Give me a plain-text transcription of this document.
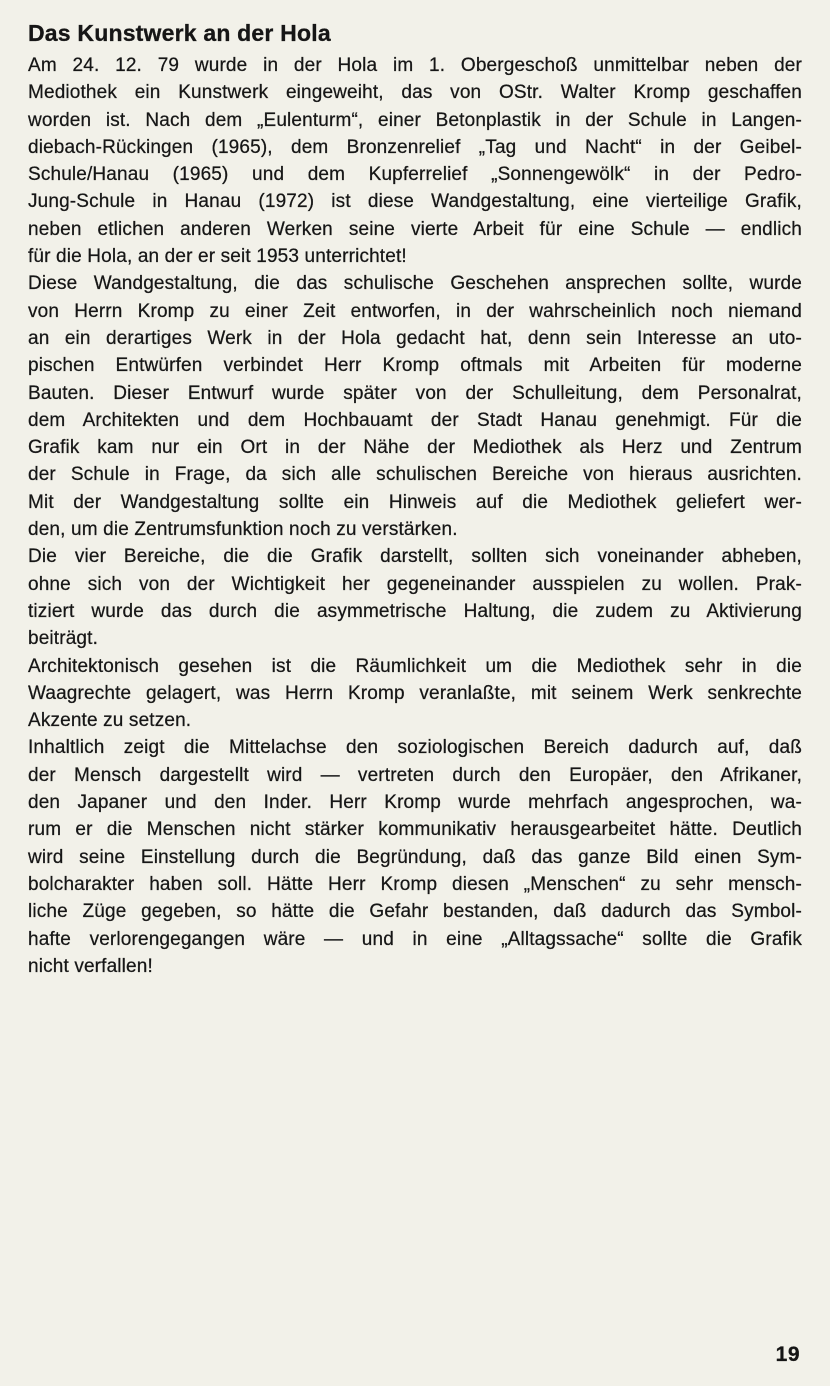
Das Kunstwerk an der Hola
Am 24. 12. 79 wurde in der Hola im 1. Obergeschoß unmittelbar neben der
Mediothek ein Kunstwerk eingeweiht, das von OStr. Walter Kromp geschaffen
worden ist. Nach dem „Eulenturm“, einer Betonplastik in der Schule in Langen-
diebach-Rückingen (1965), dem Bronzenrelief „Tag und Nacht“ in der Geibel-
Schule/Hanau (1965) und dem Kupferrelief „Sonnengewölk“ in der Pedro-
Jung-Schule in Hanau (1972) ist diese Wandgestaltung, eine vierteilige Grafik,
neben etlichen anderen Werken seine vierte Arbeit für eine Schule — endlich
für die Hola, an der er seit 1953 unterrichtet!
Diese Wandgestaltung, die das schulische Geschehen ansprechen sollte, wurde
von Herrn Kromp zu einer Zeit entworfen, in der wahrscheinlich noch niemand
an ein derartiges Werk in der Hola gedacht hat, denn sein Interesse an uto-
pischen Entwürfen verbindet Herr Kromp oftmals mit Arbeiten für moderne
Bauten. Dieser Entwurf wurde später von der Schulleitung, dem Personalrat,
dem Architekten und dem Hochbauamt der Stadt Hanau genehmigt. Für die
Grafik kam nur ein Ort in der Nähe der Mediothek als Herz und Zentrum
der Schule in Frage, da sich alle schulischen Bereiche von hieraus ausrichten.
Mit der Wandgestaltung sollte ein Hinweis auf die Mediothek geliefert wer-
den, um die Zentrumsfunktion noch zu verstärken.
Die vier Bereiche, die die Grafik darstellt, sollten sich voneinander abheben,
ohne sich von der Wichtigkeit her gegeneinander ausspielen zu wollen. Prak-
tiziert wurde das durch die asymmetrische Haltung, die zudem zu Aktivierung
beiträgt.
Architektonisch gesehen ist die Räumlichkeit um die Mediothek sehr in die
Waagrechte gelagert, was Herrn Kromp veranlaßte, mit seinem Werk senkrechte
Akzente zu setzen.
Inhaltlich zeigt die Mittelachse den soziologischen Bereich dadurch auf, daß
der Mensch dargestellt wird — vertreten durch den Europäer, den Afrikaner,
den Japaner und den Inder. Herr Kromp wurde mehrfach angesprochen, wa-
rum er die Menschen nicht stärker kommunikativ herausgearbeitet hätte. Deutlich
wird seine Einstellung durch die Begründung, daß das ganze Bild einen Sym-
bolcharakter haben soll. Hätte Herr Kromp diesen „Menschen“ zu sehr mensch-
liche Züge gegeben, so hätte die Gefahr bestanden, daß dadurch das Symbol-
hafte verlorengegangen wäre — und in eine „Alltagssache“ sollte die Grafik
nicht verfallen!
19
